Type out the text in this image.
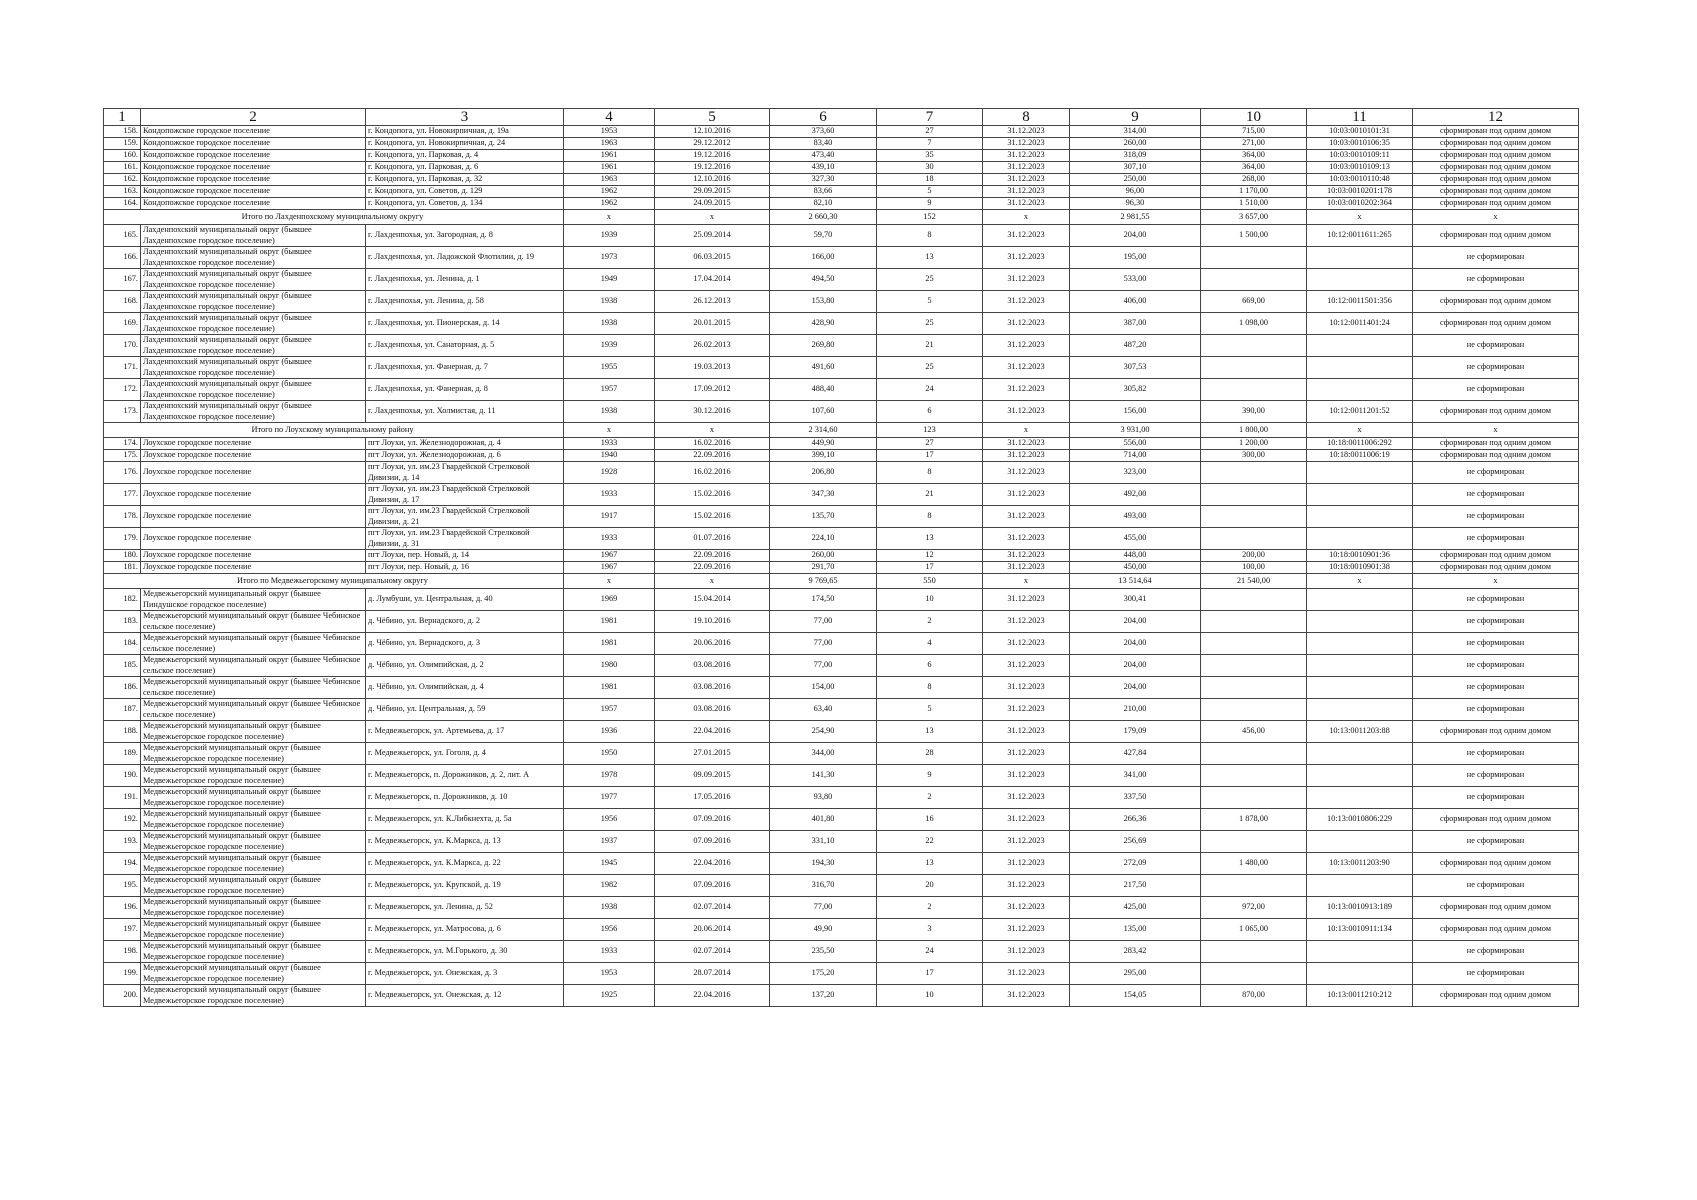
1	2	3	4	5	6	7	8	9	10	11	12
158.	Кондопожское городское поселение	г. Кондопога, ул. Новокирпичная, д. 19а	1953	12.10.2016	373,60	27	31.12.2023	314,00	715,00	10:03:0010101:31	сформирован под одним домом
159.	Кондопожское городское поселение	г. Кондопога, ул. Новокирпичная, д. 24	1963	29.12.2012	83,40	7	31.12.2023	260,00	271,00	10:03:0010106:35	сформирован под одним домом
160.	Кондопожское городское поселение	г. Кондопога, ул. Парковая, д. 4	1961	19.12.2016	473,40	35	31.12.2023	318,09	364,00	10:03:0010109:11	сформирован под одним домом
161.	Кондопожское городское поселение	г. Кондопога, ул. Парковая, д. 6	1961	19.12.2016	439,10	30	31.12.2023	307,10	364,00	10:03:0010109:13	сформирован под одним домом
162.	Кондопожское городское поселение	г. Кондопога, ул. Парковая, д. 32	1963	12.10.2016	327,30	18	31.12.2023	250,00	268,00	10:03:0010110:48	сформирован под одним домом
163.	Кондопожское городское поселение	г. Кондопога, ул. Советов, д. 129	1962	29.09.2015	83,66	5	31.12.2023	96,00	1 170,00	10:03:0010201:178	сформирован под одним домом
164.	Кондопожское городское поселение	г. Кондопога, ул. Советов, д. 134	1962	24.09.2015	82,10	9	31.12.2023	96,30	1 510,00	10:03:0010202:364	сформирован под одним домом
Итого по Лахденпохскому муниципальному округу			x	x	2 660,30	152	x	2 981,55	3 657,00	x	x
165.	Лахденпохский муниципальный округ (бывшее Лахденпохское городское поселение)	г. Лахденпохья, ул. Загородная, д. 8	1939	25.09.2014	59,70	8	31.12.2023	204,00	1 500,00	10:12:0011611:265	сформирован под одним домом
166.	Лахденпохский муниципальный округ (бывшее Лахденпохское городское поселение)	г. Лахденпохья, ул. Ладожской Флотилии, д. 19	1973	06.03.2015	166,00	13	31.12.2023	195,00			не сформирован
167.	Лахденпохский муниципальный округ (бывшее Лахденпохское городское поселение)	г. Лахденпохья, ул. Ленина, д. 1	1949	17.04.2014	494,50	25	31.12.2023	533,00			не сформирован
168.	Лахденпохский муниципальный округ (бывшее Лахденпохское городское поселение)	г. Лахденпохья, ул. Ленина, д. 58	1938	26.12.2013	153,80	5	31.12.2023	406,00	669,00	10:12:0011501:356	сформирован под одним домом
169.	Лахденпохский муниципальный округ (бывшее Лахденпохское городское поселение)	г. Лахденпохья, ул. Пионерская, д. 14	1938	20.01.2015	428,90	25	31.12.2023	387,00	1 098,00	10:12:0011401:24	сформирован под одним домом
170.	Лахденпохский муниципальный округ (бывшее Лахденпохское городское поселение)	г. Лахденпохья, ул. Санаторная, д. 5	1939	26.02.2013	269,80	21	31.12.2023	487,20			не сформирован
171.	Лахденпохский муниципальный округ (бывшее Лахденпохское городское поселение)	г. Лахденпохья, ул. Фанерная, д. 7	1955	19.03.2013	491,60	25	31.12.2023	307,53			не сформирован
172.	Лахденпохский муниципальный округ (бывшее Лахденпохское городское поселение)	г. Лахденпохья, ул. Фанерная, д. 8	1957	17.09.2012	488,40	24	31.12.2023	305,82			не сформирован
173.	Лахденпохский муниципальный округ (бывшее Лахденпохское городское поселение)	г. Лахденпохья, ул. Холмистая, д. 11	1938	30.12.2016	107,60	6	31.12.2023	156,00	390,00	10:12:0011201:52	сформирован под одним домом
Итого по Лоухскому муниципальному району			x	x	2 314,60	123	x	3 931,00	1 800,00	x	x
174.	Лоухское городское поселение	пгт Лоухи, ул. Железнодорожная, д. 4	1933	16.02.2016	449,90	27	31.12.2023	556,00	1 200,00	10:18:0011006:292	сформирован под одним домом
175.	Лоухское городское поселение	пгт Лоухи, ул. Железнодорожная, д. 6	1940	22.09.2016	399,10	17	31.12.2023	714,00	300,00	10:18:0011006:19	сформирован под одним домом
176.	Лоухское городское поселение	пгт Лоухи, ул. им.23 Гвардейской Стрелковой Дивизии, д. 14	1928	16.02.2016	206,80	8	31.12.2023	323,00			не сформирован
177.	Лоухское городское поселение	пгт Лоухи, ул. им.23 Гвардейской Стрелковой Дивизии, д. 17	1933	15.02.2016	347,30	21	31.12.2023	492,00			не сформирован
178.	Лоухское городское поселение	пгт Лоухи, ул. им.23 Гвардейской Стрелковой Дивизии, д. 21	1917	15.02.2016	135,70	8	31.12.2023	493,00			не сформирован
179.	Лоухское городское поселение	пгт Лоухи, ул. им.23 Гвардейской Стрелковой Дивизии, д. 31	1933	01.07.2016	224,10	13	31.12.2023	455,00			не сформирован
180.	Лоухское городское поселение	пгт Лоухи, пер. Новый, д. 14	1967	22.09.2016	260,00	12	31.12.2023	448,00	200,00	10:18:0010901:36	сформирован под одним домом
181.	Лоухское городское поселение	пгт Лоухи, пер. Новый, д. 16	1967	22.09.2016	291,70	17	31.12.2023	450,00	100,00	10:18:0010901:38	сформирован под одним домом
Итого по Медвежьегорскому муниципальному округу			x	x	9 769,65	550	x	13 514,64	21 540,00	x	x
182.	Медвежьегорский муниципальный округ (бывшее Пиндушское городское поселение)	д. Лумбуши, ул. Центральная, д. 40	1969	15.04.2014	174,50	10	31.12.2023	300,41			не сформирован
183.	Медвежьегорский муниципальный округ (бывшее Чебинское сельское поселение)	д. Чёбино, ул. Вернадского, д. 2	1981	19.10.2016	77,00	2	31.12.2023	204,00			не сформирован
184.	Медвежьегорский муниципальный округ (бывшее Чебинское сельское поселение)	д. Чёбино, ул. Вернадского, д. 3	1981	20.06.2016	77,00	4	31.12.2023	204,00			не сформирован
185.	Медвежьегорский муниципальный округ (бывшее Чебинское сельское поселение)	д. Чёбино, ул. Олимпийская, д. 2	1980	03.08.2016	77,00	6	31.12.2023	204,00			не сформирован
186.	Медвежьегорский муниципальный округ (бывшее Чебинское сельское поселение)	д. Чёбино, ул. Олимпийская, д. 4	1981	03.08.2016	154,00	8	31.12.2023	204,00			не сформирован
187.	Медвежьегорский муниципальный округ (бывшее Чебинское сельское поселение)	д. Чёбино, ул. Центральная, д. 59	1957	03.08.2016	63,40	5	31.12.2023	210,00			не сформирован
188.	Медвежьегорский муниципальный округ (бывшее Медвежьегорское городское поселение)	г. Медвежьегорск, ул. Артемьева, д. 17	1936	22.04.2016	254,90	13	31.12.2023	179,09	456,00	10:13:0011203:88	сформирован под одним домом
189.	Медвежьегорский муниципальный округ (бывшее Медвежьегорское городское поселение)	г. Медвежьегорск, ул. Гоголя, д. 4	1950	27.01.2015	344,00	28	31.12.2023	427,84			не сформирован
190.	Медвежьегорский муниципальный округ (бывшее Медвежьегорское городское поселение)	г. Медвежьегорск, п. Дорожников, д. 2, лит. А	1978	09.09.2015	141,30	9	31.12.2023	341,00			не сформирован
191.	Медвежьегорский муниципальный округ (бывшее Медвежьегорское городское поселение)	г. Медвежьегорск, п. Дорожников, д. 10	1977	17.05.2016	93,80	2	31.12.2023	337,50			не сформирован
192.	Медвежьегорский муниципальный округ (бывшее Медвежьегорское городское поселение)	г. Медвежьегорск, ул. К.Либкнехта, д. 5а	1956	07.09.2016	401,80	16	31.12.2023	266,36	1 878,00	10:13:0010806:229	сформирован под одним домом
193.	Медвежьегорский муниципальный округ (бывшее Медвежьегорское городское поселение)	г. Медвежьегорск, ул. К.Маркса, д. 13	1937	07.09.2016	331,10	22	31.12.2023	256,69			не сформирован
194.	Медвежьегорский муниципальный округ (бывшее Медвежьегорское городское поселение)	г. Медвежьегорск, ул. К.Маркса, д. 22	1945	22.04.2016	194,30	13	31.12.2023	272,09	1 480,00	10:13:0011203:90	сформирован под одним домом
195.	Медвежьегорский муниципальный округ (бывшее Медвежьегорское городское поселение)	г. Медвежьегорск, ул. Крупской, д. 19	1982	07.09.2016	316,70	20	31.12.2023	217,50			не сформирован
196.	Медвежьегорский муниципальный округ (бывшее Медвежьегорское городское поселение)	г. Медвежьегорск, ул. Ленина, д. 52	1938	02.07.2014	77,00	2	31.12.2023	425,00	972,00	10:13:0010913:189	сформирован под одним домом
197.	Медвежьегорский муниципальный округ (бывшее Медвежьегорское городское поселение)	г. Медвежьегорск, ул. Матросова, д. 6	1956	20.06.2014	49,90	3	31.12.2023	135,00	1 065,00	10:13:0010911:134	сформирован под одним домом
198.	Медвежьегорский муниципальный округ (бывшее Медвежьегорское городское поселение)	г. Медвежьегорск, ул. М.Горького, д. 30	1933	02.07.2014	235,50	24	31.12.2023	283,42			не сформирован
199.	Медвежьегорский муниципальный округ (бывшее Медвежьегорское городское поселение)	г. Медвежьегорск, ул. Онежская, д. 3	1953	28.07.2014	175,20	17	31.12.2023	295,00			не сформирован
200.	Медвежьегорский муниципальный округ (бывшее Медвежьегорское городское поселение)	г. Медвежьегорск, ул. Онежская, д. 12	1925	22.04.2016	137,20	10	31.12.2023	154,05	870,00	10:13:0011210:212	сформирован под одним домом
